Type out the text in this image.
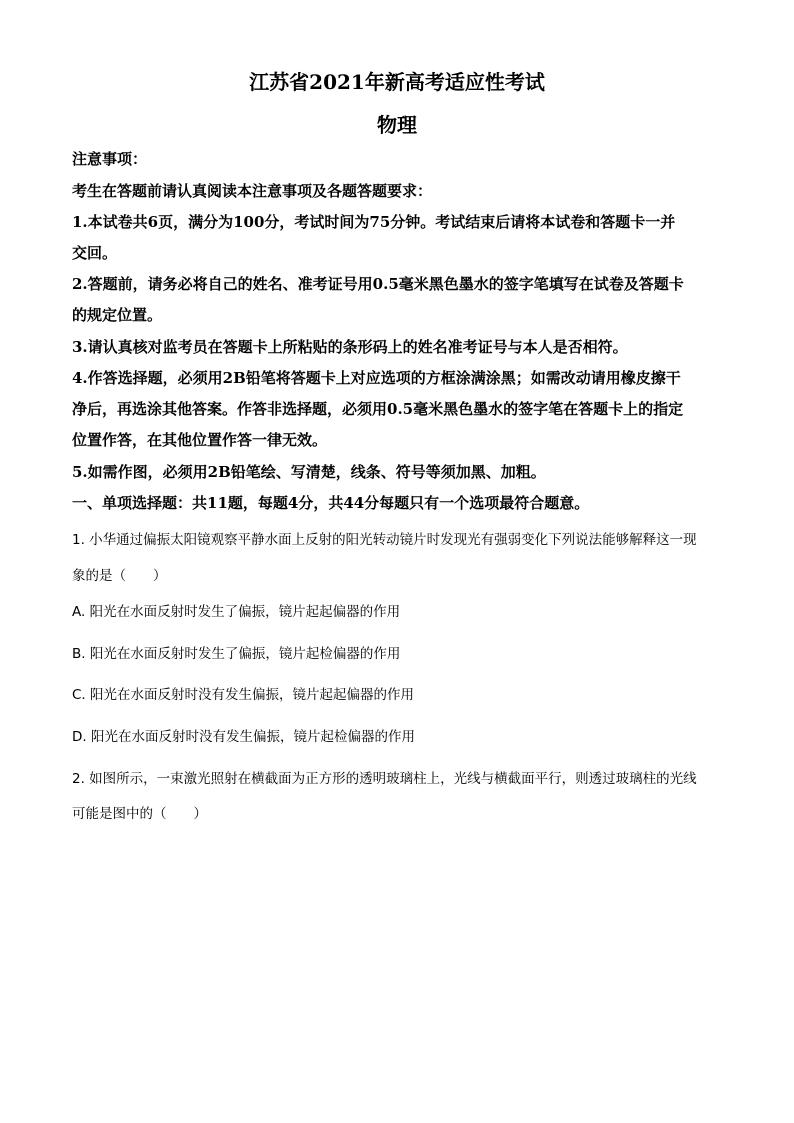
江苏省2021年新高考适应性考试
物理
注意事项：
考生在答题前请认真阅读本注意事项及各题答题要求：
1.本试卷共6页，满分为100分，考试时间为75分钟。考试结束后请将本试卷和答题卡一并
交回。
2.答题前，请务必将自己的姓名、准考证号用0.5毫米黑色墨水的签字笔填写在试卷及答题卡
的规定位置。
3.请认真核对监考员在答题卡上所粘贴的条形码上的姓名准考证号与本人是否相符。
4.作答选择题，必须用2B铅笔将答题卡上对应选项的方框涂满涂黑；如需改动请用橡皮擦干
净后，再选涂其他答案。作答非选择题，必须用0.5毫米黑色墨水的签字笔在答题卡上的指定
位置作答，在其他位置作答一律无效。
5.如需作图，必须用2B铅笔绘、写清楚，线条、符号等须加黑、加粗。
一、单项选择题：共11题，每题4分，共44分每题只有一个选项最符合题意。
1. 小华通过偏振太阳镜观察平静水面上反射的阳光转动镜片时发现光有强弱变化下列说法能够解释这一现
象的是（　　）
A. 阳光在水面反射时发生了偏振，镜片起起偏器的作用
B. 阳光在水面反射时发生了偏振，镜片起检偏器的作用
C. 阳光在水面反射时没有发生偏振，镜片起起偏器的作用
D. 阳光在水面反射时没有发生偏振，镜片起检偏器的作用
2. 如图所示，一束激光照射在横截面为正方形的透明玻璃柱上，光线与横截面平行，则透过玻璃柱的光线
可能是图中的（　　）
